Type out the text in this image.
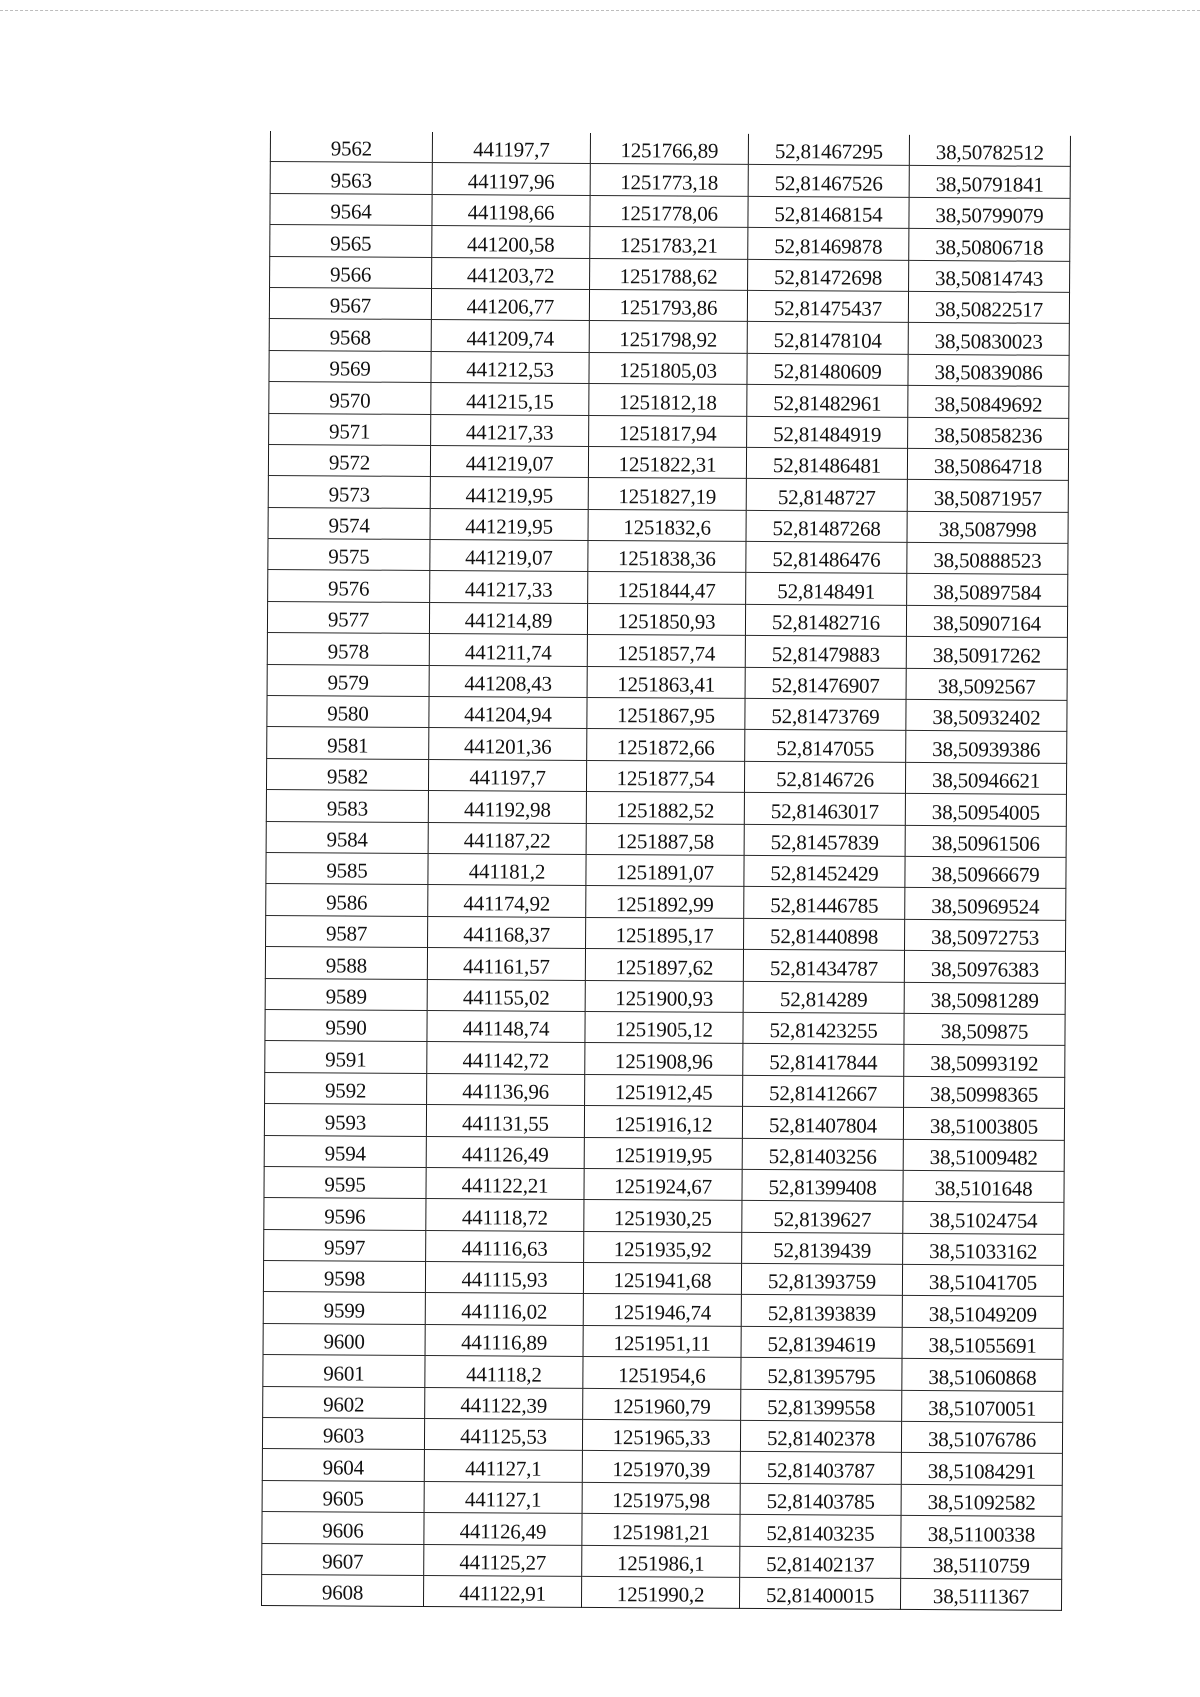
9562	441197,7	1251766,89	52,81467295	38,50782512
9563	441197,96	1251773,18	52,81467526	38,50791841
9564	441198,66	1251778,06	52,81468154	38,50799079
9565	441200,58	1251783,21	52,81469878	38,50806718
9566	441203,72	1251788,62	52,81472698	38,50814743
9567	441206,77	1251793,86	52,81475437	38,50822517
9568	441209,74	1251798,92	52,81478104	38,50830023
9569	441212,53	1251805,03	52,81480609	38,50839086
9570	441215,15	1251812,18	52,81482961	38,50849692
9571	441217,33	1251817,94	52,81484919	38,50858236
9572	441219,07	1251822,31	52,81486481	38,50864718
9573	441219,95	1251827,19	52,8148727	38,50871957
9574	441219,95	1251832,6	52,81487268	38,5087998
9575	441219,07	1251838,36	52,81486476	38,50888523
9576	441217,33	1251844,47	52,8148491	38,50897584
9577	441214,89	1251850,93	52,81482716	38,50907164
9578	441211,74	1251857,74	52,81479883	38,50917262
9579	441208,43	1251863,41	52,81476907	38,5092567
9580	441204,94	1251867,95	52,81473769	38,50932402
9581	441201,36	1251872,66	52,8147055	38,50939386
9582	441197,7	1251877,54	52,8146726	38,50946621
9583	441192,98	1251882,52	52,81463017	38,50954005
9584	441187,22	1251887,58	52,81457839	38,50961506
9585	441181,2	1251891,07	52,81452429	38,50966679
9586	441174,92	1251892,99	52,81446785	38,50969524
9587	441168,37	1251895,17	52,81440898	38,50972753
9588	441161,57	1251897,62	52,81434787	38,50976383
9589	441155,02	1251900,93	52,814289	38,50981289
9590	441148,74	1251905,12	52,81423255	38,509875
9591	441142,72	1251908,96	52,81417844	38,50993192
9592	441136,96	1251912,45	52,81412667	38,50998365
9593	441131,55	1251916,12	52,81407804	38,51003805
9594	441126,49	1251919,95	52,81403256	38,51009482
9595	441122,21	1251924,67	52,81399408	38,5101648
9596	441118,72	1251930,25	52,8139627	38,51024754
9597	441116,63	1251935,92	52,8139439	38,51033162
9598	441115,93	1251941,68	52,81393759	38,51041705
9599	441116,02	1251946,74	52,81393839	38,51049209
9600	441116,89	1251951,11	52,81394619	38,51055691
9601	441118,2	1251954,6	52,81395795	38,51060868
9602	441122,39	1251960,79	52,81399558	38,51070051
9603	441125,53	1251965,33	52,81402378	38,51076786
9604	441127,1	1251970,39	52,81403787	38,51084291
9605	441127,1	1251975,98	52,81403785	38,51092582
9606	441126,49	1251981,21	52,81403235	38,51100338
9607	441125,27	1251986,1	52,81402137	38,5110759
9608	441122,91	1251990,2	52,81400015	38,5111367
